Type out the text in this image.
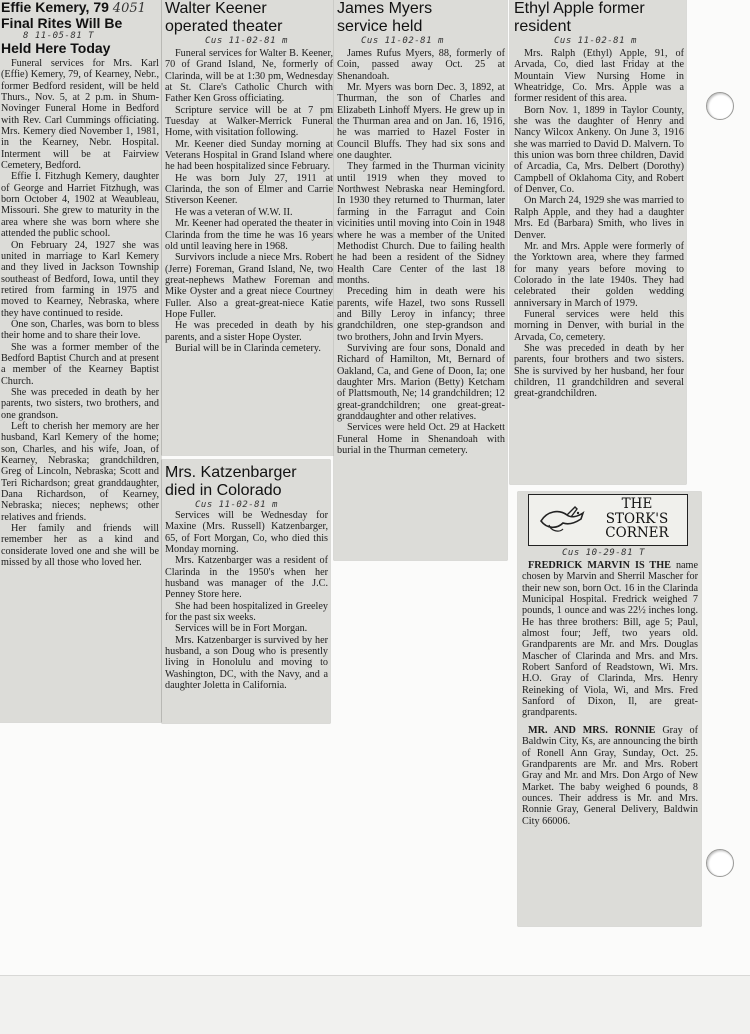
Effie Kemery, 79 4051
Final Rites Will Be
8 11-05-81 T
Held Here Today

Funeral services for Mrs. Karl (Effie) Kemery, 79, of Kearney, Nebr., former Bedford resident, will be held Thurs., Nov. 5, at 2 p.m. in Shum-Novinger Funeral Home in Bedford with Rev. Carl Cummings officiating. Mrs. Kemery died November 1, 1981, in the Kearney, Nebr. Hospital. Interment will be at Fairview Cemetery, Bedford.

Effie I. Fitzhugh Kemery, daughter of George and Harriet Fitzhugh, was born October 4, 1902 at Weaubleau, Missouri. She grew to maturity in the area where she was born where she attended the public school.

On February 24, 1927 she was united in marriage to Karl Kemery and they lived in Jackson Township southeast of Bedford, Iowa, until they retired from farming in 1975 and moved to Kearney, Nebraska, where they have continued to reside.

One son, Charles, was born to bless their home and to share their love.

She was a former member of the Bedford Baptist Church and at present a member of the Kearney Baptist Church.

She was preceded in death by her parents, two sisters, two brothers, and one grandson.

Left to cherish her memory are her husband, Karl Kemery of the home; son, Charles, and his wife, Joan, of Kearney, Nebraska; grandchildren, Greg of Lincoln, Nebraska; Scott and Teri Richardson; great granddaughter, Dana Richardson, of Kearney, Nebraska; nieces; nephews; other relatives and friends.

Her family and friends will remember her as a kind and considerate loved one and she will be missed by all those who loved her.

Walter Keener operated theater
Cus 11-02-81 m

Funeral services for Walter B. Keener, 70 of Grand Island, Ne, formerly of Clarinda, will be at 1:30 pm, Wednesday at St. Clare's Catholic Church with Father Ken Gross officiating.

Scripture service will be at 7 pm Tuesday at Walker-Merrick Funeral Home, with visitation following.

Mr. Keener died Sunday morning at Veterans Hospital in Grand Island where he had been hospitalized since February.

He was born July 27, 1911 at Clarinda, the son of Elmer and Carrie Stiverson Keener.

He was a veteran of W.W. II.

Mr. Keener had operated the theater in Clarinda from the time he was 16 years old until leaving here in 1968.

Survivors include a niece Mrs. Robert (Jerre) Foreman, Grand Island, Ne, two great-nephews Mathew Foreman and Mike Oyster and a great niece Courtney Fuller. Also a great-great-niece Katie Hope Fuller.

He was preceded in death by his parents, and a sister Hope Oyster.

Burial will be in Clarinda cemetery.

Mrs. Katzenbarger
died in Colorado
Cus 11-02-81 m

Services will be Wednesday for Maxine (Mrs. Russell) Katzenbarger, 65, of Fort Morgan, Co, who died this Monday morning.

Mrs. Katzenbarger was a resident of Clarinda in the 1950's when her husband was manager of the J.C. Penney Store here.

She had been hospitalized in Greeley for the past six weeks.

Services will be in Fort Morgan.

Mrs. Katzenbarger is survived by her husband, a son Doug who is presently living in Honolulu and moving to Washington, DC, with the Navy, and a daughter Joletta in California.

James Myers service held
Cus 11-02-81 m

James Rufus Myers, 88, formerly of Coin, passed away Oct. 25 at Shenandoah.

Mr. Myers was born Dec. 3, 1892, at Thurman, the son of Charles and Elizabeth Linhoff Myers. He grew up in the Thurman area and on Jan. 16, 1916, he was married to Hazel Foster in Council Bluffs. They had six sons and one daughter.

They farmed in the Thurman vicinity until 1919 when they moved to Northwest Nebraska near Hemingford. In 1930 they returned to Thurman, later farming in the Farragut and Coin vicinities until moving into Coin in 1948 where he was a member of the United Methodist Church. Due to failing health he had been a resident of the Sidney Health Care Center of the last 18 months.

Preceding him in death were his parents, wife Hazel, two sons Russell and Billy Leroy in infancy; three grandchildren, one step-grandson and two brothers, John and Irvin Myers.

Surviving are four sons, Donald and Richard of Hamilton, Mt, Bernard of Oakland, Ca, and Gene of Doon, Ia; one daughter Mrs. Marion (Betty) Ketcham of Plattsmouth, Ne; 14 grandchildren; 12 great-grandchildren; one great-great-granddaughter and other relatives.

Services were held Oct. 29 at Hackett Funeral Home in Shenandoah with burial in the Thurman cemetery.

Ethyl Apple former resident
Cus 11-02-81 m

Mrs. Ralph (Ethyl) Apple, 91, of Arvada, Co, died last Friday at the Mountain View Nursing Home in Wheatridge, Co. Mrs. Apple was a former resident of this area.

Born Nov. 1, 1899 in Taylor County, she was the daughter of Henry and Nancy Wilcox Ankeny. On June 3, 1916 she was married to David D. Malvern. To this union was born three children, David of Arcadia, Ca, Mrs. Delbert (Dorothy) Campbell of Oklahoma City, and Robert of Denver, Co.

On March 24, 1929 she was married to Ralph Apple, and they had a daughter Mrs. Ed (Barbara) Smith, who lives in Denver.

Mr. and Mrs. Apple were formerly of the Yorktown area, where they farmed for many years before moving to Colorado in the late 1940s. They had celebrated their golden wedding anniversary in March of 1979.

Funeral services were held this morning in Denver, with burial in the Arvada, Co, cemetery.

She was preceded in death by her parents, four brothers and two sisters. She is survived by her husband, her four children, 11 grandchildren and several great-grandchildren.

THE
STORK'S
CORNER
Cus 10-29-81 T

FREDRICK MARVIN IS THE name chosen by Marvin and Sherril Mascher for their new son, born Oct. 16 in the Clarinda Municipal Hospital. Fredrick weighed 7 pounds, 1 ounce and was 22½ inches long. He has three brothers: Bill, age 5; Paul, almost four; Jeff, two years old. Grandparents are Mr. and Mrs. Douglas Mascher of Clarinda and Mrs. and Mrs. Robert Sanford of Readstown, Wi. Mrs. H.O. Gray of Clarinda, Mrs. Henry Reineking of Viola, Wi, and Mrs. Fred Sanford of Dixon, Il, are great-grandparents.

MR. AND MRS. RONNIE Gray of Baldwin City, Ks, are announcing the birth of Ronell Ann Gray, Sunday, Oct. 25. Grandparents are Mr. and Mrs. Robert Gray and Mr. and Mrs. Don Argo of New Market. The baby weighed 6 pounds, 8 ounces. Their address is Mr. and Mrs. Ronnie Gray, General Delivery, Baldwin City 66006.
